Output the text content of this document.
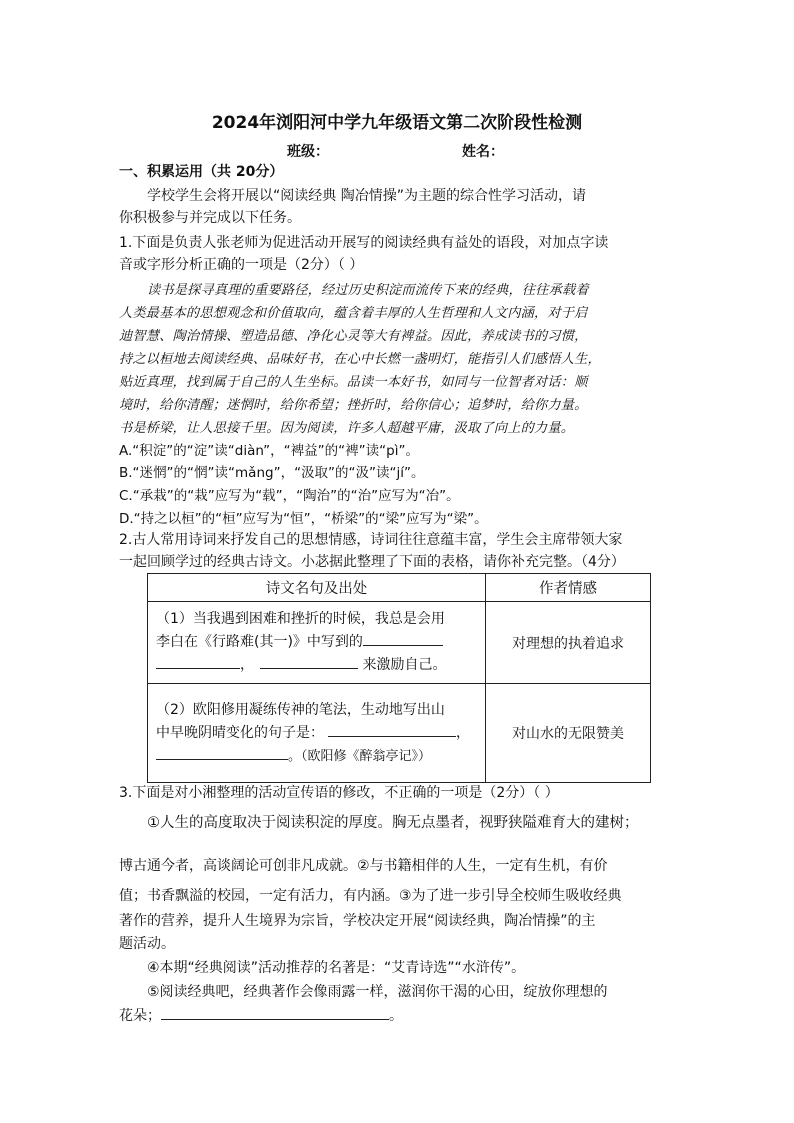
2024年浏阳河中学九年级语文第二次阶段性检测
班级：	姓名：
一、积累运用（共 20分）
学校学生会将开展以“阅读经典 陶冶情操”为主题的综合性学习活动，请
你积极参与并完成以下任务。
1.下面是负责人张老师为促进活动开展写的阅读经典有益处的语段，对加点字读
音或字形分析正确的一项是（2分）（ ）
读书是探寻真理的重要路径，经过历史积淀而流传下来的经典，往往承载着
人类最基本的思想观念和价值取向，蕴含着丰厚的人生哲理和人文内涵，对于启
迪智慧、陶治情操、塑造品德、净化心灵等大有裨益。因此，养成读书的习惯，
持之以桓地去阅读经典、品味好书，在心中长燃一盏明灯，能指引人们感悟人生，
贴近真理，找到属于自己的人生坐标。品读一本好书，如同与一位智者对话：顺
境时，给你清醒；迷惘时，给你希望；挫折时，给你信心；追梦时，给你力量。
书是桥梁，让人思接千里。因为阅读，许多人超越平庸，汲取了向上的力量。
A.“积淀”的“淀”读“diàn”，“裨益”的“裨”读“pì”。
B.“迷惘”的“惘”读“mǎng”，“汲取”的“汲”读“jí”。
C.“承栽”的“栽”应写为“载”，“陶治”的“治”应写为“冶”。
D.“持之以桓”的“桓”应写为“恒”，“桥梁”的“梁”应写为“梁”。
2.古人常用诗词来抒发自己的思想情感，诗词往往意蕴丰富，学生会主席带领大家
一起回顾学过的经典古诗文。小苾据此整理了下面的表格，请你补充完整。（4分）
诗文名句及出处	作者情感

（1）当我遇到困难和挫折的时候，我总是会用
李白在《行路难(其一)》中写到的
， 来激励自己。	对理想的执着追求

（2）欧阳修用凝练传神的笔法，生动地写出山
中早晚阴晴变化的句子是： ，
。（欧阳修《醉翁亭记》）	对山水的无限赞美
3.下面是对小湘整理的活动宣传语的修改，不正确的一项是（2分）（ ）
①人生的高度取决于阅读积淀的厚度。胸无点墨者，视野狭隘难育大的建树；
博古通今者，高谈阔论可创非凡成就。②与书籍相伴的人生，一定有生机，有价
值；书香飘溢的校园，一定有活力，有内涵。③为了进一步引导全校师生吸收经典
著作的营养，提升人生境界为宗旨，学校决定开展“阅读经典，陶冶情操”的主
题活动。
④本期“经典阅读”活动推荐的名著是：“艾青诗选”“水浒传”。
⑤阅读经典吧，经典著作会像雨露一样，滋润你干渴的心田，绽放你理想的
花朵；	。
